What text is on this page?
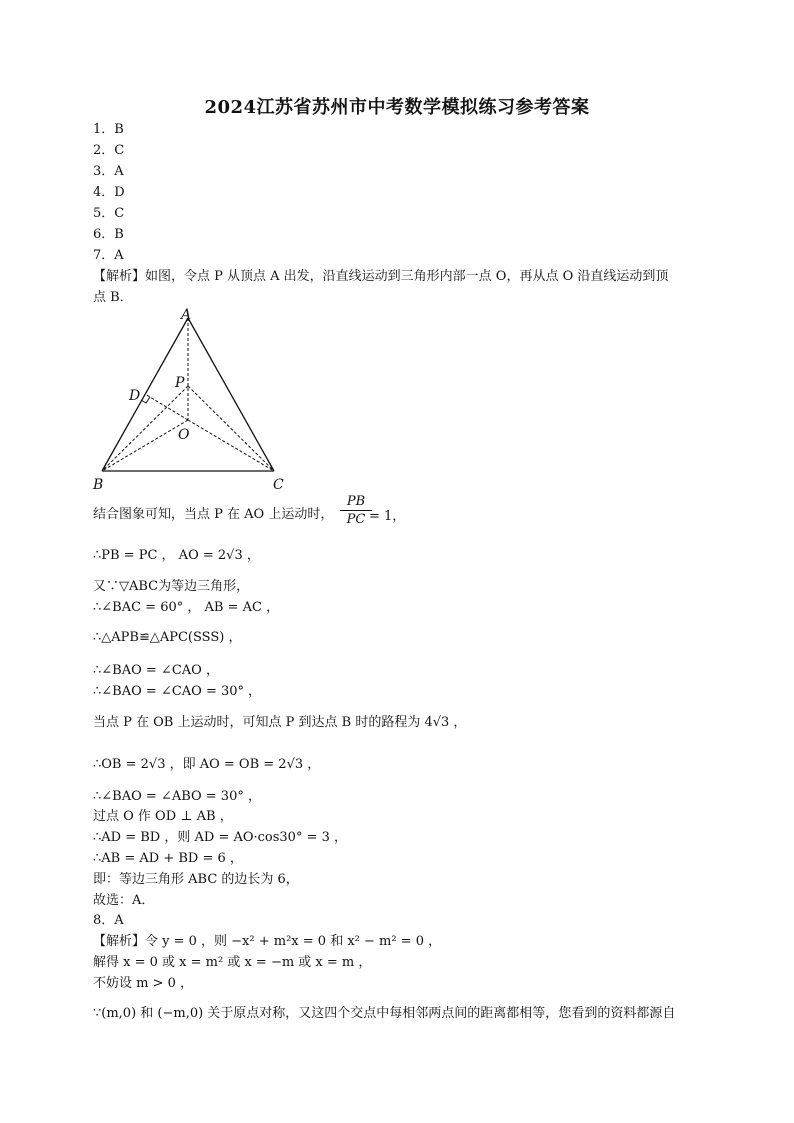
2024江苏省苏州市中考数学模拟练习参考答案
1．B
2．C
3．A
4．D
5．C
6．B
7．A
【解析】如图，令点 P 从顶点 A 出发，沿直线运动到三角形内部一点 O，再从点 O 沿直线运动到顶
点 B．
A
B	C
D
P
O
结合图象可知，当点 P 在 AO 上运动时，
PB
PC = 1，
∴PB = PC ， AO = 2√3 ，
又∵▽ABC为等边三角形，
∴∠BAC = 60° ， AB = AC ，
∴△APB≌△APC(SSS) ，
∴∠BAO = ∠CAO ，
∴∠BAO = ∠CAO = 30° ，
当点 P 在 OB 上运动时，可知点 P 到达点 B 时的路程为 4√3 ，
∴OB = 2√3 ，即 AO = OB = 2√3 ，
∴∠BAO = ∠ABO = 30° ，
过点 O 作 OD ⊥ AB ，
∴AD = BD ，则 AD = AO·cos30° = 3 ，
∴AB = AD + BD = 6 ，
即：等边三角形 ABC 的边长为 6，
故选：A．
8．A
【解析】令 y = 0 ，则 −x² + m²x = 0 和 x² − m² = 0 ，
解得 x = 0 或 x = m² 或 x = −m 或 x = m ，
不妨设 m > 0 ，
∵(m,0) 和 (−m,0) 关于原点对称，又这四个交点中每相邻两点间的距离都相等，您看到的资料都源自
